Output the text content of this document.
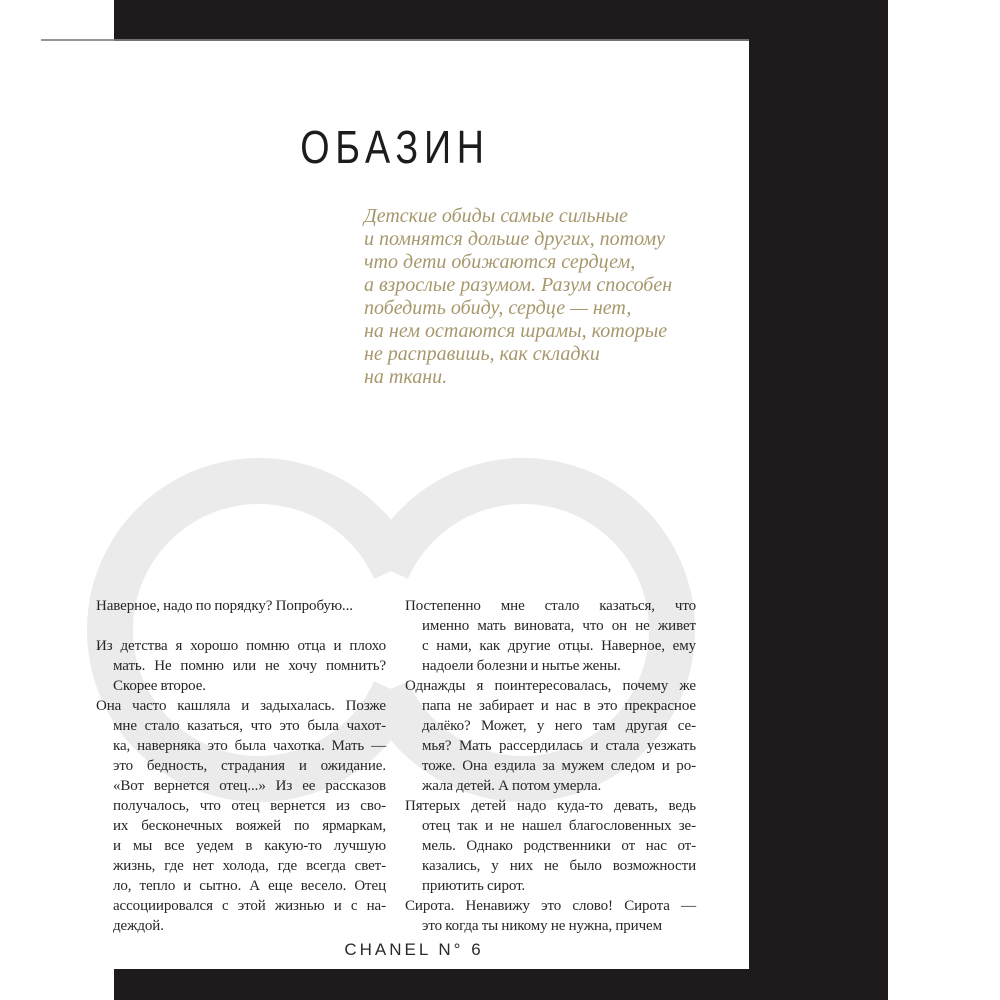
ОБАЗИН
Детские обиды самые сильные
и помнятся дольше других, потому
что дети обижаются сердцем,
а взрослые разумом. Разум способен
победить обиду, сердце — нет,
на нем остаются шрамы, которые
не расправишь, как складки
на ткани.
Наверное, надо по порядку? Попробую...
Из детства я хорошо помню отца и плохо
мать. Не помню или не хочу помнить?
Скорее второе.
Она часто кашляла и задыхалась. Позже
мне стало казаться, что это была чахот-
ка, наверняка это была чахотка. Мать —
это бедность, страдания и ожидание.
«Вот вернется отец...» Из ее рассказов
получалось, что отец вернется из сво-
их бесконечных вояжей по ярмаркам,
и мы все уедем в какую-то лучшую
жизнь, где нет холода, где всегда свет-
ло, тепло и сытно. А еще весело. Отец
ассоциировался с этой жизнью и с на-
деждой.
Постепенно мне стало казаться, что
именно мать виновата, что он не живет
с нами, как другие отцы. Наверное, ему
надоели болезни и нытье жены.
Однажды я поинтересовалась, почему же
папа не забирает и нас в это прекрасное
далёко? Может, у него там другая се-
мья? Мать рассердилась и стала уезжать
тоже. Она ездила за мужем следом и ро-
жала детей. А потом умерла.
Пятерых детей надо куда-то девать, ведь
отец так и не нашел благословенных зе-
мель. Однако родственники от нас от-
казались, у них не было возможности
приютить сирот.
Сирота. Ненавижу это слово! Сирота —
это когда ты никому не нужна, причем
CHANEL N° 6
